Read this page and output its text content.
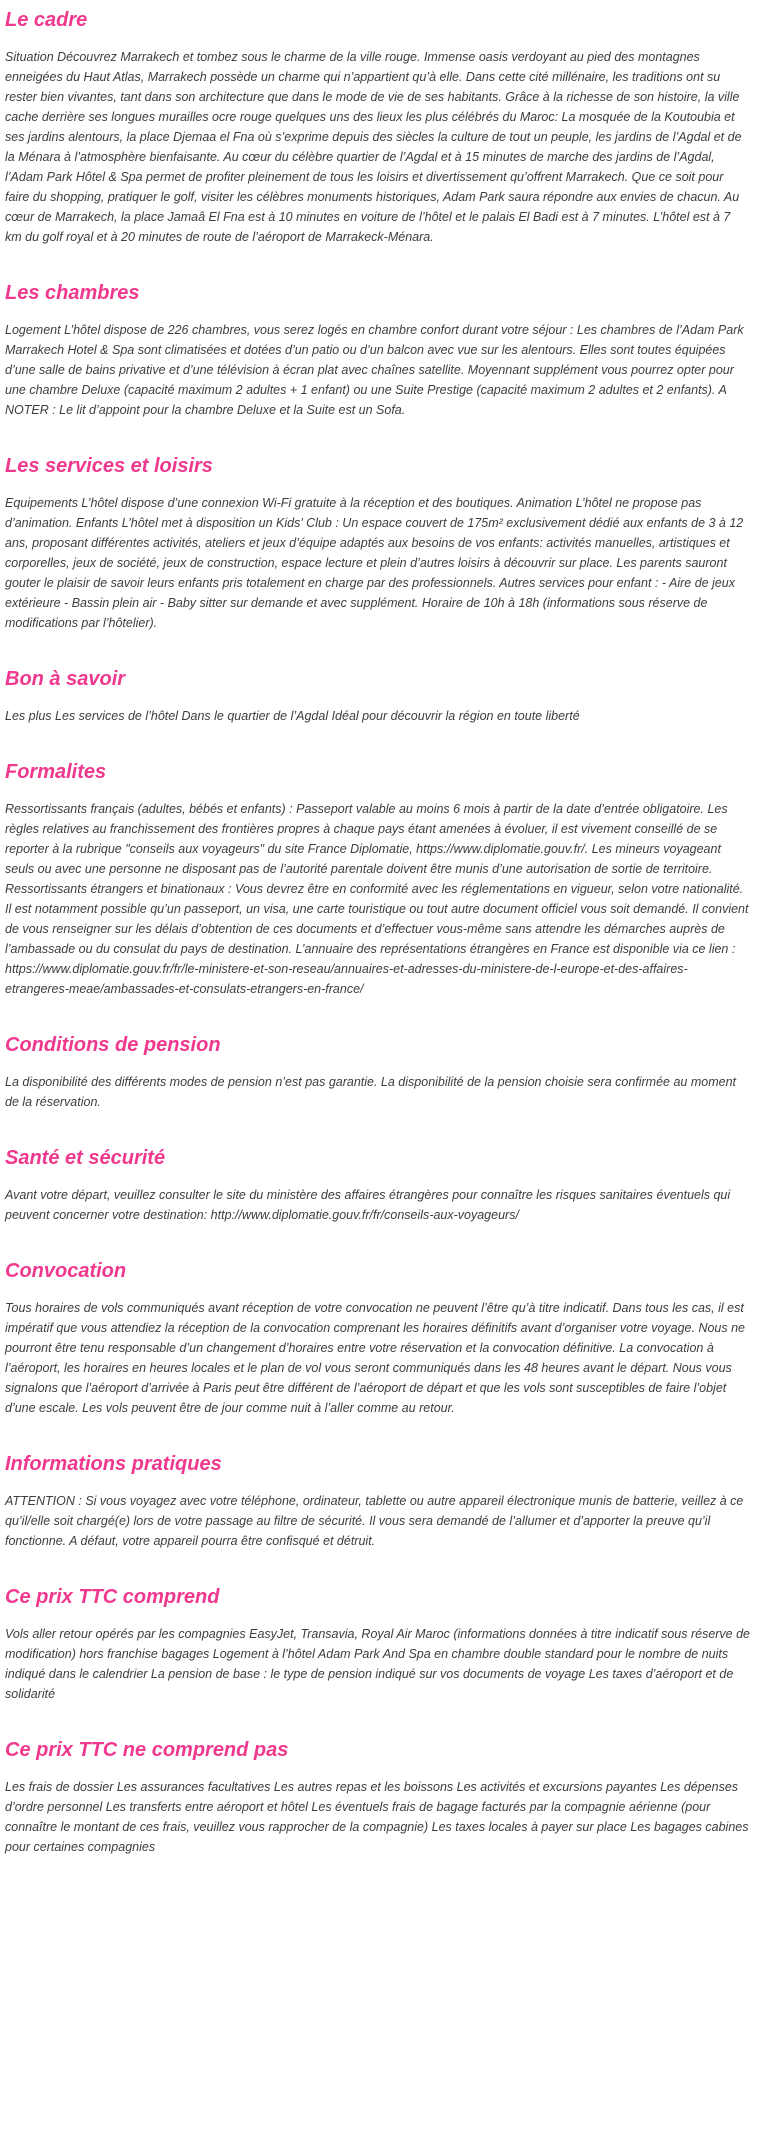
Le cadre

Situation Découvrez Marrakech et tombez sous le charme de la ville rouge. Immense oasis verdoyant au pied des montagnes enneigées du Haut Atlas, Marrakech possède un charme qui n’appartient qu’à elle. Dans cette cité millénaire, les traditions ont su rester bien vivantes, tant dans son architecture que dans le mode de vie de ses habitants. Grâce à la richesse de son histoire, la ville cache derrière ses longues murailles ocre rouge quelques uns des lieux les plus célébrés du Maroc: La mosquée de la Koutoubia et ses jardins alentours, la place Djemaa el Fna où s’exprime depuis des siècles la culture de tout un peuple, les jardins de l’Agdal et de la Ménara à l’atmosphère bienfaisante. Au cœur du célèbre quartier de l’Agdal et à 15 minutes de marche des jardins de l’Agdal, l’Adam Park Hôtel & Spa permet de profiter pleinement de tous les loisirs et divertissement qu’offrent Marrakech. Que ce soit pour faire du shopping, pratiquer le golf, visiter les célèbres monuments historiques, Adam Park saura répondre aux envies de chacun. Au cœur de Marrakech, la place Jamaâ El Fna est à 10 minutes en voiture de l’hôtel et le palais El Badi est à 7 minutes. L’hôtel est à 7 km du golf royal et à 20 minutes de route de l’aéroport de Marrakeck-Ménara.

Les chambres

Logement L’hôtel dispose de 226 chambres, vous serez logés en chambre confort durant votre séjour : Les chambres de l’Adam Park Marrakech Hotel & Spa sont climatisées et dotées d’un patio ou d’un balcon avec vue sur les alentours. Elles sont toutes équipées d’une salle de bains privative et d’une télévision à écran plat avec chaînes satellite. Moyennant supplément vous pourrez opter pour une chambre Deluxe (capacité maximum 2 adultes + 1 enfant) ou une Suite Prestige (capacité maximum 2 adultes et 2 enfants). A NOTER : Le lit d’appoint pour la chambre Deluxe et la Suite est un Sofa.

Les services et loisirs

Equipements L’hôtel dispose d’une connexion Wi-Fi gratuite à la réception et des boutiques. Animation L’hôtel ne propose pas d’animation. Enfants L’hôtel met à disposition un Kids' Club : Un espace couvert de 175m² exclusivement dédié aux enfants de 3 à 12 ans, proposant différentes activités, ateliers et jeux d’équipe adaptés aux besoins de vos enfants: activités manuelles, artistiques et corporelles, jeux de société, jeux de construction, espace lecture et plein d’autres loisirs à découvrir sur place. Les parents sauront gouter le plaisir de savoir leurs enfants pris totalement en charge par des professionnels. Autres services pour enfant : - Aire de jeux extérieure - Bassin plein air - Baby sitter sur demande et avec supplément. Horaire de 10h à 18h (informations sous réserve de modifications par l’hôtelier).

Bon à savoir

Les plus Les services de l’hôtel Dans le quartier de l’Agdal Idéal pour découvrir la région en toute liberté

Formalites

Ressortissants français (adultes, bébés et enfants) : Passeport valable au moins 6 mois à partir de la date d’entrée obligatoire. Les règles relatives au franchissement des frontières propres à chaque pays étant amenées à évoluer, il est vivement conseillé de se reporter à la rubrique "conseils aux voyageurs" du site France Diplomatie, https://www.diplomatie.gouv.fr/. Les mineurs voyageant seuls ou avec une personne ne disposant pas de l’autorité parentale doivent être munis d’une autorisation de sortie de territoire. Ressortissants étrangers et binationaux : Vous devrez être en conformité avec les réglementations en vigueur, selon votre nationalité. Il est notamment possible qu’un passeport, un visa, une carte touristique ou tout autre document officiel vous soit demandé. Il convient de vous renseigner sur les délais d’obtention de ces documents et d’effectuer vous-même sans attendre les démarches auprès de l’ambassade ou du consulat du pays de destination. L’annuaire des représentations étrangères en France est disponible via ce lien : https://www.diplomatie.gouv.fr/fr/le-ministere-et-son-reseau/annuaires-et-adresses-du-ministere-de-l-europe-et-des-affaires-etrangeres-meae/ambassades-et-consulats-etrangers-en-france/

Conditions de pension

La disponibilité des différents modes de pension n’est pas garantie. La disponibilité de la pension choisie sera confirmée au moment de la réservation.

Santé et sécurité

Avant votre départ, veuillez consulter le site du ministère des affaires étrangères pour connaître les risques sanitaires éventuels qui peuvent concerner votre destination: http://www.diplomatie.gouv.fr/fr/conseils-aux-voyageurs/

Convocation

Tous horaires de vols communiqués avant réception de votre convocation ne peuvent l’être qu’à titre indicatif. Dans tous les cas, il est impératif que vous attendiez la réception de la convocation comprenant les horaires définitifs avant d’organiser votre voyage. Nous ne pourront être tenu responsable d’un changement d’horaires entre votre réservation et la convocation définitive. La convocation à l’aéroport, les horaires en heures locales et le plan de vol vous seront communiqués dans les 48 heures avant le départ. Nous vous signalons que l’aéroport d’arrivée à Paris peut être différent de l’aéroport de départ et que les vols sont susceptibles de faire l’objet d’une escale. Les vols peuvent être de jour comme nuit à l’aller comme au retour.

Informations pratiques

ATTENTION : Si vous voyagez avec votre téléphone, ordinateur, tablette ou autre appareil électronique munis de batterie, veillez à ce qu’il/elle soit chargé(e) lors de votre passage au filtre de sécurité. Il vous sera demandé de l’allumer et d’apporter la preuve qu’il fonctionne. A défaut, votre appareil pourra être confisqué et détruit.

Ce prix TTC comprend

Vols aller retour opérés par les compagnies EasyJet, Transavia, Royal Air Maroc (informations données à titre indicatif sous réserve de modification) hors franchise bagages Logement à l’hôtel Adam Park And Spa en chambre double standard pour le nombre de nuits indiqué dans le calendrier La pension de base : le type de pension indiqué sur vos documents de voyage Les taxes d’aéroport et de solidarité

Ce prix TTC ne comprend pas

Les frais de dossier Les assurances facultatives Les autres repas et les boissons Les activités et excursions payantes Les dépenses d’ordre personnel Les transferts entre aéroport et hôtel Les éventuels frais de bagage facturés par la compagnie aérienne (pour connaître le montant de ces frais, veuillez vous rapprocher de la compagnie) Les taxes locales à payer sur place Les bagages cabines pour certaines compagnies
